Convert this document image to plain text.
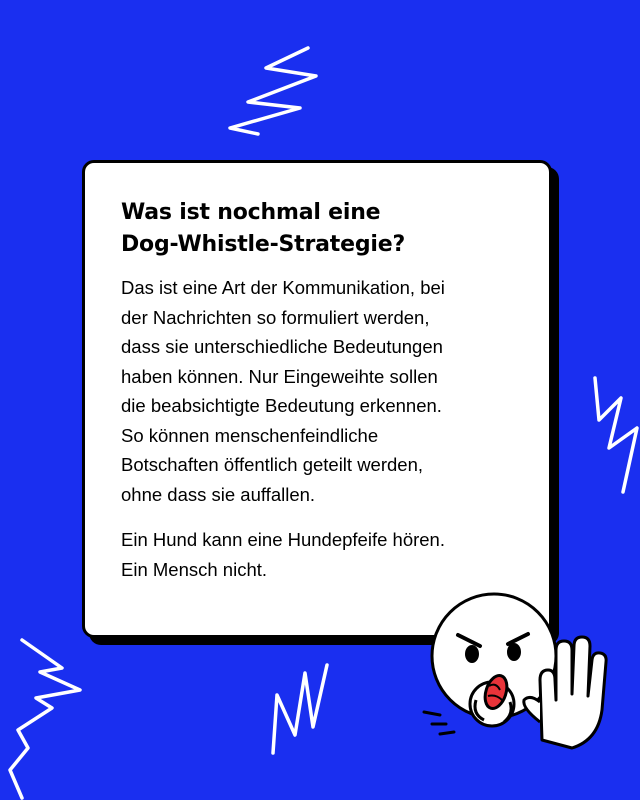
Was ist nochmal eine
Dog-Whistle-Strategie?

Das ist eine Art der Kommunikation, bei
der Nachrichten so formuliert werden,
dass sie unterschiedliche Bedeutungen
haben können. Nur Eingeweihte sollen
die beabsichtigte Bedeutung erkennen.
So können menschenfeindliche
Botschaften öffentlich geteilt werden,
ohne dass sie auffallen.

Ein Hund kann eine Hundepfeife hören.
Ein Mensch nicht.
